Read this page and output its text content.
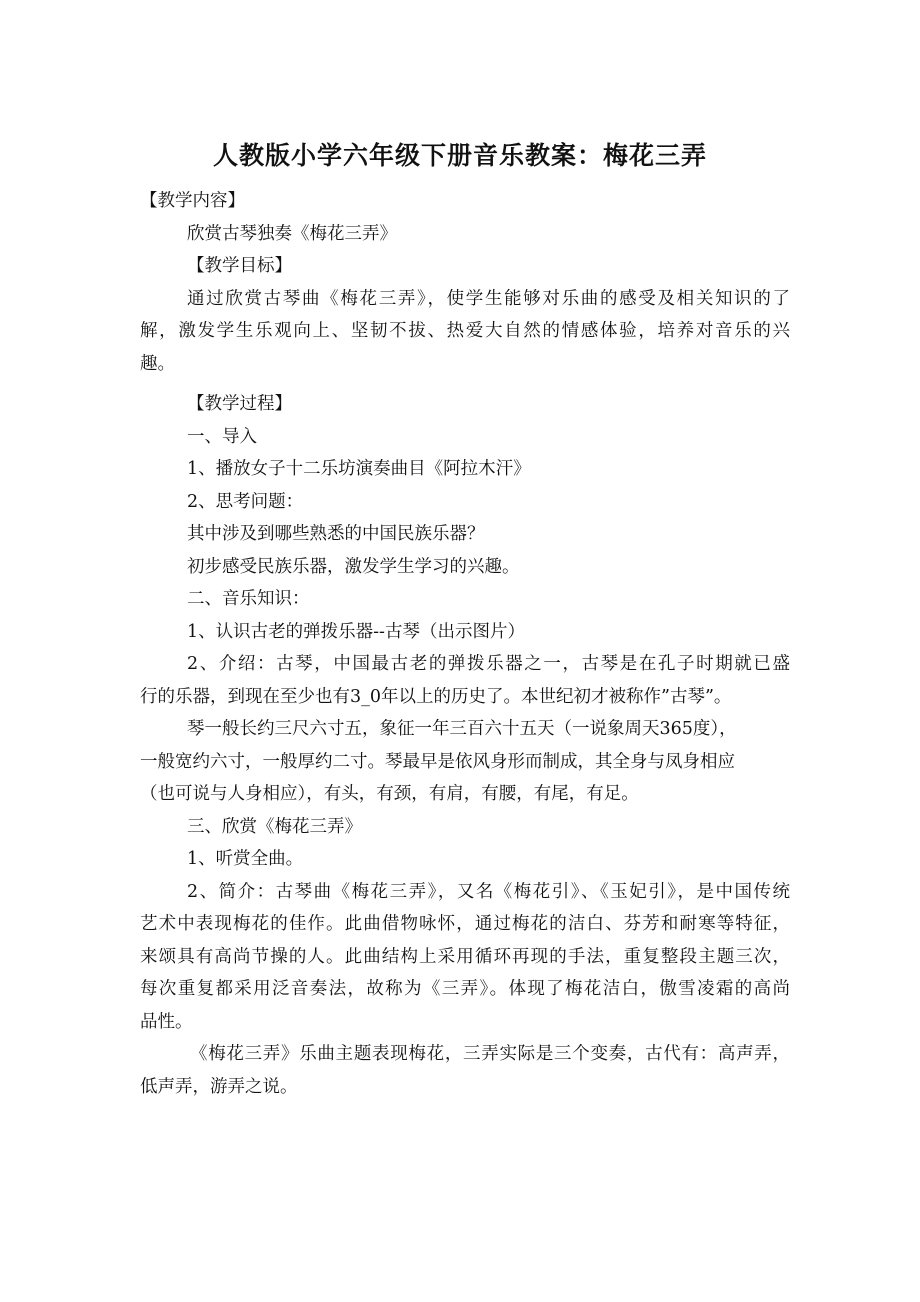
人教版小学六年级下册音乐教案：梅花三弄
【教学内容】
欣赏古琴独奏《梅花三弄》
【教学目标】
通过欣赏古琴曲《梅花三弄》，使学生能够对乐曲的感受及相关知识的了
解，激发学生乐观向上、坚韧不拔、热爱大自然的情感体验，培养对音乐的兴
趣。
【教学过程】
一、导入
1、播放女子十二乐坊演奏曲目《阿拉木汗》
2、思考问题：
其中涉及到哪些熟悉的中国民族乐器？
初步感受民族乐器，激发学生学习的兴趣。
二、音乐知识：
1、认识古老的弹拨乐器--古琴（出示图片）
2、介绍：古琴，中国最古老的弹拨乐器之一，古琴是在孔子时期就已盛
行的乐器，到现在至少也有3_0年以上的历史了。本世纪初才被称作”古琴”。
琴一般长约三尺六寸五，象征一年三百六十五天（一说象周天365度），
一般宽约六寸，一般厚约二寸。琴最早是依风身形而制成，其全身与凤身相应
（也可说与人身相应），有头，有颈，有肩，有腰，有尾，有足。
三、欣赏《梅花三弄》
1、听赏全曲。
2、简介：古琴曲《梅花三弄》，又名《梅花引》、《玉妃引》，是中国传统
艺术中表现梅花的佳作。此曲借物咏怀，通过梅花的洁白、芬芳和耐寒等特征，
来颂具有高尚节操的人。此曲结构上采用循环再现的手法，重复整段主题三次，
每次重复都采用泛音奏法，故称为《三弄》。体现了梅花洁白，傲雪凌霜的高尚
品性。
《梅花三弄》乐曲主题表现梅花，三弄实际是三个变奏，古代有：高声弄，
低声弄，游弄之说。
